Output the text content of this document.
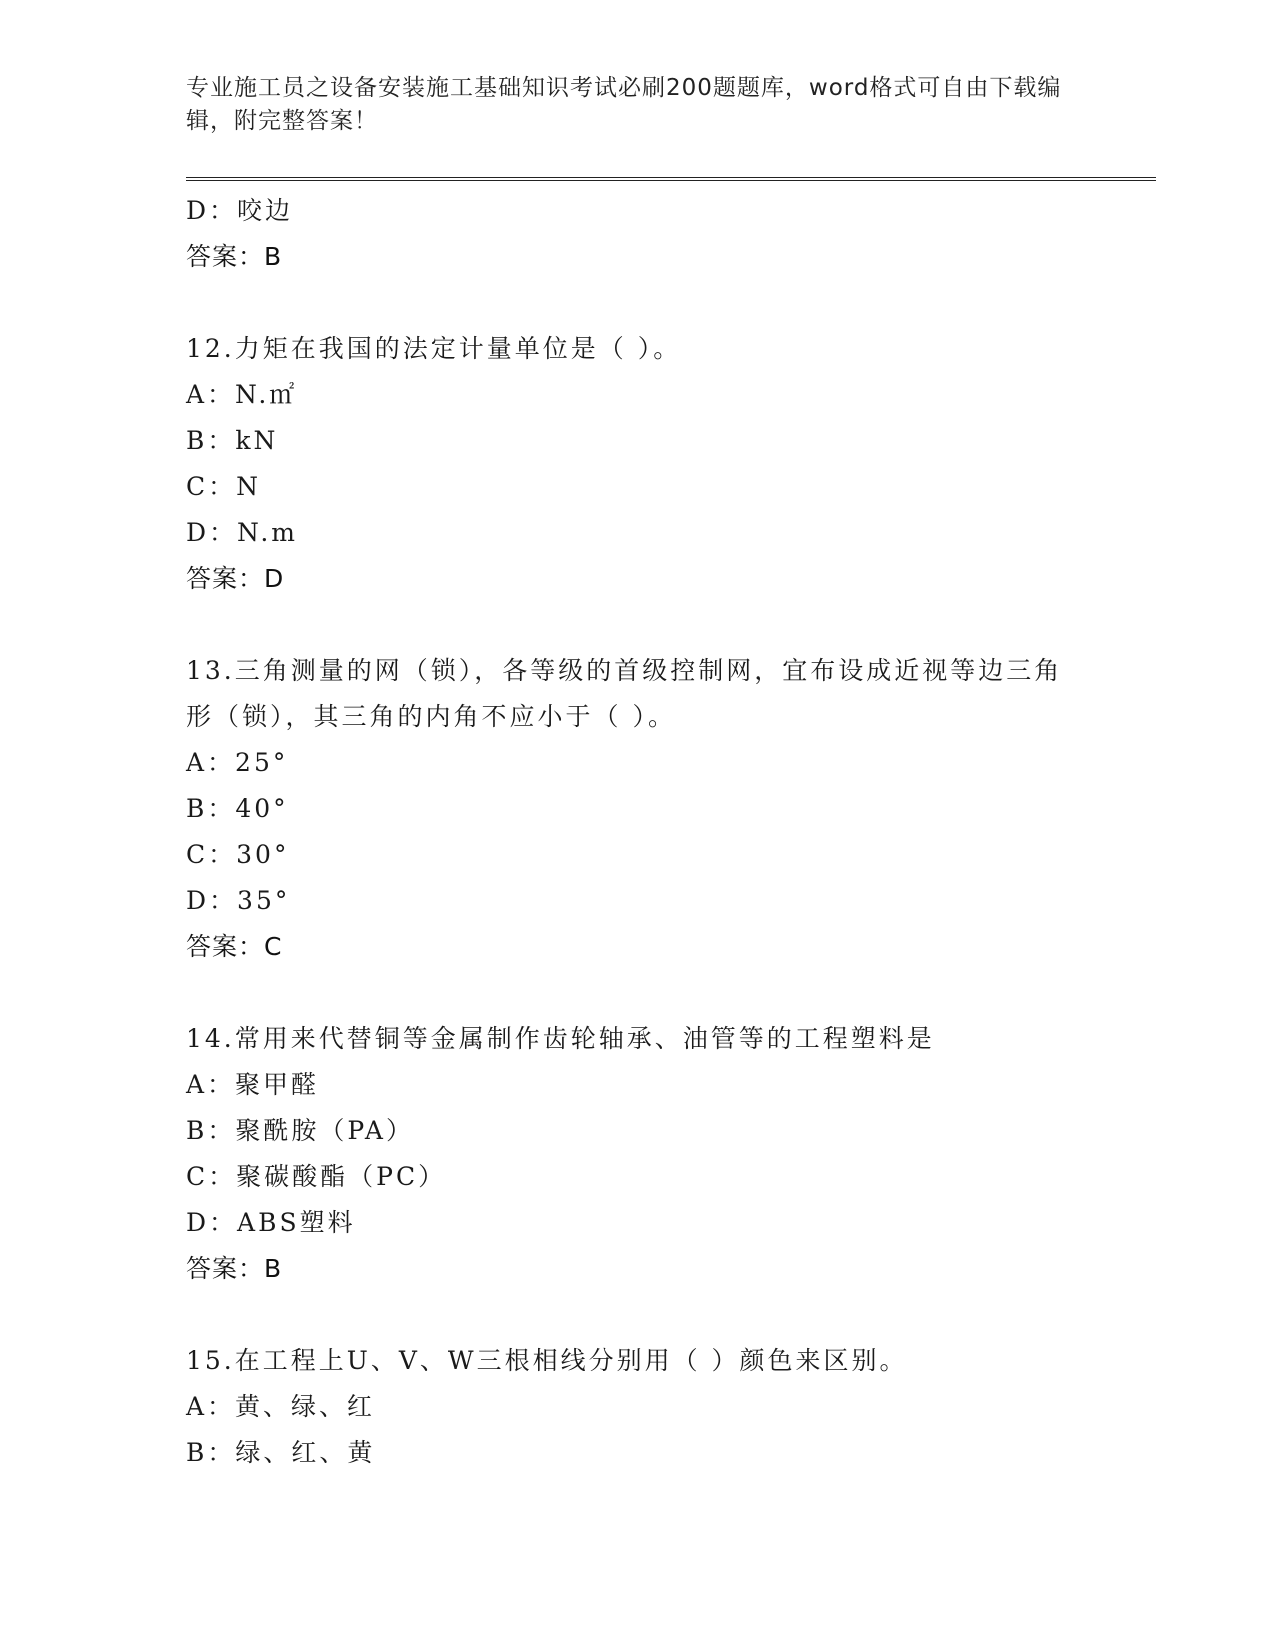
专业施工员之设备安装施工基础知识考试必刷200题题库，word格式可自由下载编辑，附完整答案！
D：咬边
答案：B
12.力矩在我国的法定计量单位是（ ）。
A：N.㎡
B：kN
C：N
D：N.m
答案：D
13.三角测量的网（锁），各等级的首级控制网，宜布设成近视等边三角形（锁），其三角的内角不应小于（ ）。
A：25°
B：40°
C：30°
D：35°
答案：C
14.常用来代替铜等金属制作齿轮轴承、油管等的工程塑料是
A：聚甲醛
B：聚酰胺（PA）
C：聚碳酸酯（PC）
D：ABS塑料
答案：B
15.在工程上U、V、W三根相线分别用（ ）颜色来区别。
A：黄、绿、红
B：绿、红、黄
